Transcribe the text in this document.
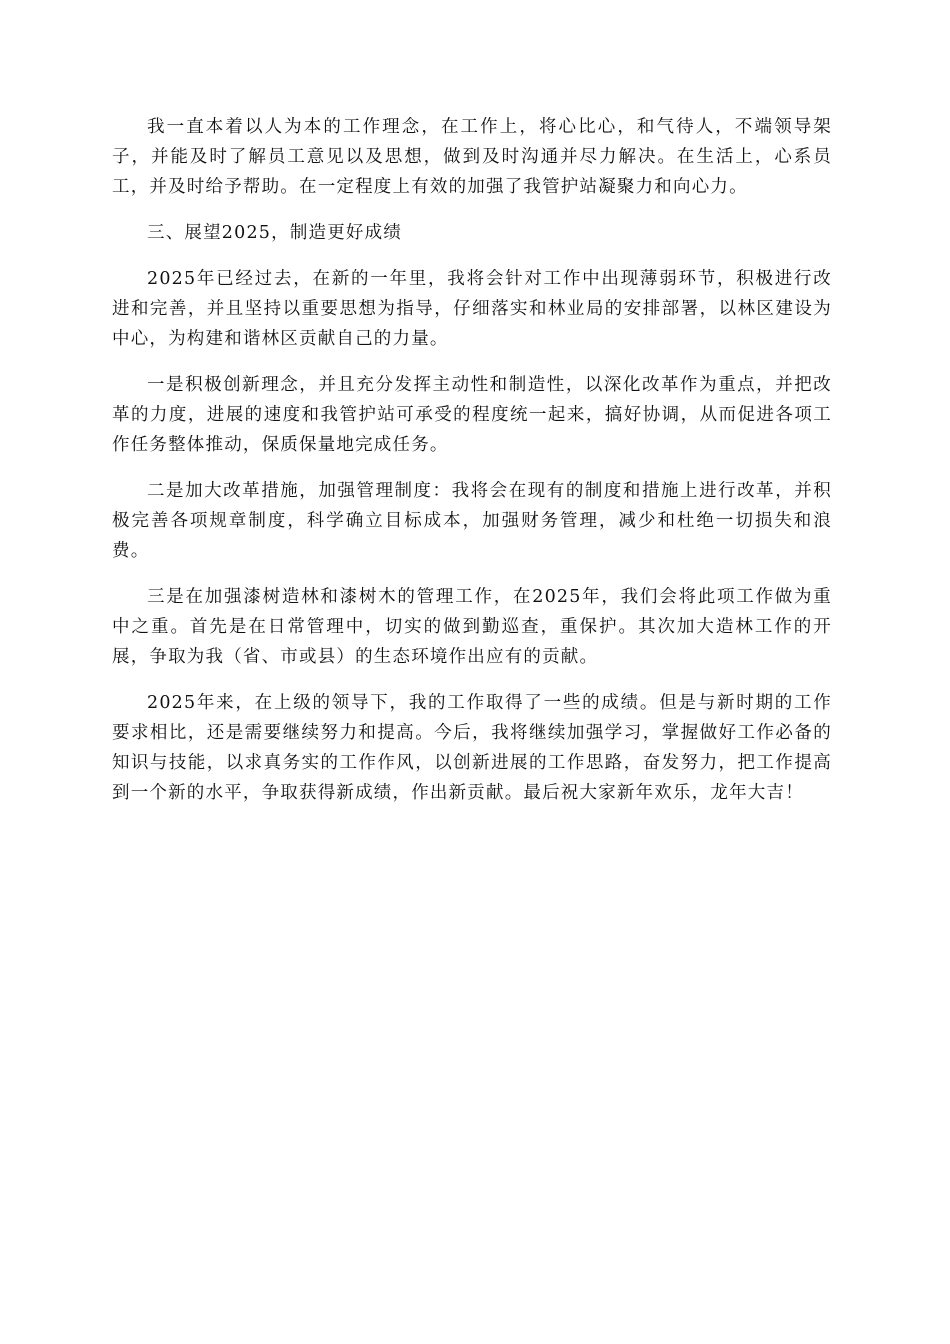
我一直本着以人为本的工作理念，在工作上，将心比心，和气待人，不端领导架子，并能及时了解员工意见以及思想，做到及时沟通并尽力解决。在生活上，心系员工，并及时给予帮助。在一定程度上有效的加强了我管护站凝聚力和向心力。

三、展望2025，制造更好成绩

2025年已经过去，在新的一年里，我将会针对工作中出现薄弱环节，积极进行改进和完善，并且坚持以重要思想为指导，仔细落实和林业局的安排部署，以林区建设为中心，为构建和谐林区贡献自己的力量。

一是积极创新理念，并且充分发挥主动性和制造性，以深化改革作为重点，并把改革的力度，进展的速度和我管护站可承受的程度统一起来，搞好协调，从而促进各项工作任务整体推动，保质保量地完成任务。

二是加大改革措施，加强管理制度：我将会在现有的制度和措施上进行改革，并积极完善各项规章制度，科学确立目标成本，加强财务管理，减少和杜绝一切损失和浪费。

三是在加强漆树造林和漆树木的管理工作，在2025年，我们会将此项工作做为重中之重。首先是在日常管理中，切实的做到勤巡查，重保护。其次加大造林工作的开展，争取为我（省、市或县）的生态环境作出应有的贡献。

2025年来，在上级的领导下，我的工作取得了一些的成绩。但是与新时期的工作要求相比，还是需要继续努力和提高。今后，我将继续加强学习，掌握做好工作必备的知识与技能，以求真务实的工作作风，以创新进展的工作思路，奋发努力，把工作提高到一个新的水平，争取获得新成绩，作出新贡献。最后祝大家新年欢乐，龙年大吉！
